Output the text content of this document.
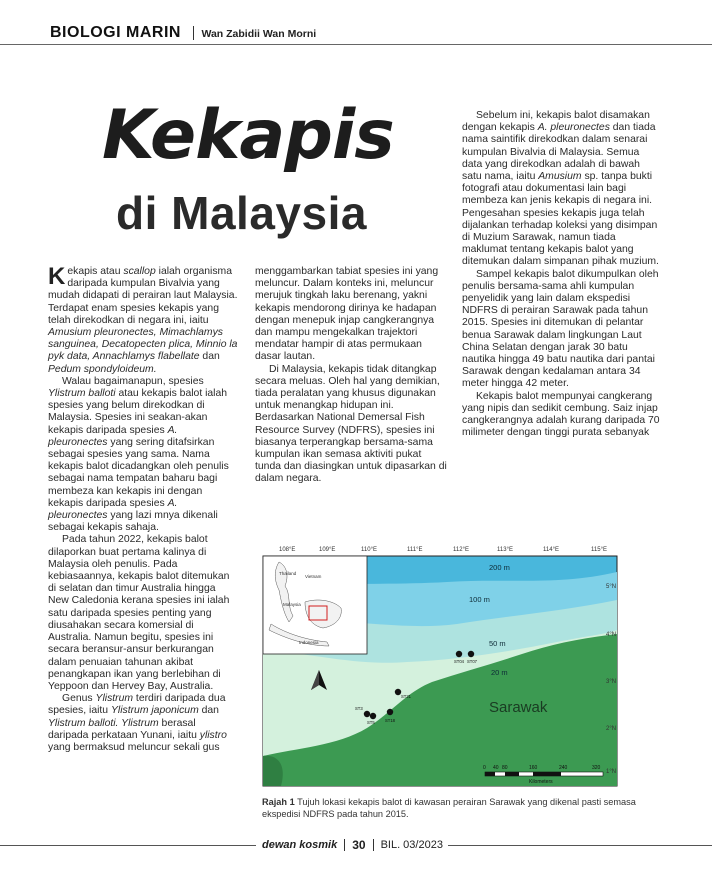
BIOLOGI MARIN Wan Zabidii Wan Morni
Kekapis
di Malaysia

Kekapis atau scallop ialah organisma daripada kumpulan Bivalvia yang mudah didapati di perairan laut Malaysia. Terdapat enam spesies kekapis yang telah direkodkan di negara ini, iaitu Amusium pleuronectes, Mimachlamys sanguinea, Decatopecten plica, Minnio la pyk data, Annachlamys flabellate dan Pedum spondyloideum.

Walau bagaimanapun, spesies Ylistrum balloti atau kekapis balot ialah spesies yang belum direkodkan di Malaysia. Spesies ini seakan-akan kekapis daripada spesies A. pleuronectes yang sering ditafsirkan sebagai spesies yang sama. Nama kekapis balot dicadangkan oleh penulis sebagai nama tempatan baharu bagi membeza kan kekapis ini dengan kekapis daripada spesies A. pleuronectes yang lazi mnya dikenali sebagai kekapis sahaja.

Pada tahun 2022, kekapis balot dilaporkan buat pertama kalinya di Malaysia oleh penulis. Pada kebiasaannya, kekapis balot ditemukan di selatan dan timur Australia hingga New Caledonia kerana spesies ini ialah satu daripada spesies penting yang diusahakan secara komersial di Australia. Namun begitu, spesies ini secara beransur-ansur berkurangan dalam penuaian tahunan akibat penangkapan ikan yang berlebihan di Yeppoon dan Hervey Bay, Australia.

Genus Ylistrum terdiri daripada dua spesies, iaitu Ylistrum japonicum dan Ylistrum balloti. Ylistrum berasal daripada perkataan Yunani, iaitu ylistro yang bermaksud meluncur sekali gus

menggambarkan tabiat spesies ini yang meluncur. Dalam konteks ini, meluncur merujuk tingkah laku berenang, yakni kekapis mendorong dirinya ke hadapan dengan menepuk injap cangkerangnya dan mampu mengekalkan trajektori mendatar hampir di atas permukaan dasar lautan.

Di Malaysia, kekapis tidak ditangkap secara meluas. Oleh hal yang demikian, tiada peralatan yang khusus digunakan untuk menangkap hidupan ini. Berdasarkan National Demersal Fish Resource Survey (NDFRS), spesies ini biasanya terperangkap bersama-sama kumpulan ikan semasa aktiviti pukat tunda dan diasingkan untuk dipasarkan di dalam negara.

Sebelum ini, kekapis balot disamakan dengan kekapis A. pleuronectes dan tiada nama saintifik direkodkan dalam senarai kumpulan Bivalvia di Malaysia. Semua data yang direkodkan adalah di bawah satu nama, iaitu Amusium sp. tanpa bukti fotografi atau dokumentasi lain bagi membeza kan jenis kekapis di negara ini. Pengesahan spesies kekapis juga telah dijalankan terhadap koleksi yang disimpan di Muzium Sarawak, namun tiada maklumat tentang kekapis balot yang ditemukan dalam simpanan pihak muzium.

Sampel kekapis balot dikumpulkan oleh penulis bersama-sama ahli kumpulan penyelidik yang lain dalam ekspedisi NDFRS di perairan Sarawak pada tahun 2015. Spesies ini ditemukan di pelantar benua Sarawak dalam lingkungan Laut China Selatan dengan jarak 30 batu nautika hingga 49 batu nautika dari pantai Sarawak dengan kedalaman antara 34 meter hingga 42 meter.

Kekapis balot mempunyai cangkerang yang nipis dan sedikit cembung. Saiz injap cangkerangnya adalah kurang daripada 70 milimeter dengan tinggi purata sebanyak

200 m
100 m
50 m
20 m
Sarawak
108°E	109°E	110°E	111°E	112°E	113°E	114°E	115°E
5°N
4°N
3°N
2°N
1°N
Thailand
Vietnam
Malaysia
Indonesia
ST04 ST07
ST21
ST3
ST5 ST18
0 40 80	160	240	320
Kilometers
Rajah 1 Tujuh lokasi kekapis balot di kawasan perairan Sarawak yang dikenal pasti semasa ekspedisi NDFRS pada tahun 2015.
dewan kosmik 30 BIL. 03/2023
